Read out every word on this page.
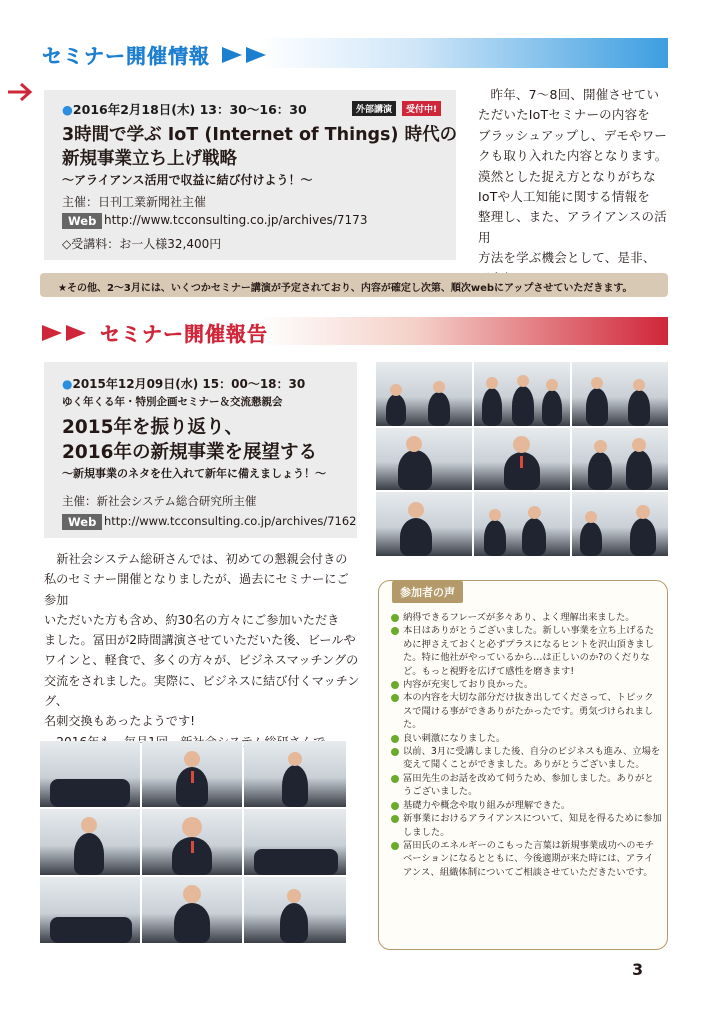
セミナー開催情報
●2016年2月18日(木) 13：30～16：30	外部講演	受付中!
3時間で学ぶ IoT (Internet of Things) 時代の
新規事業立ち上げ戦略
～アライアンス活用で収益に結び付けよう！～
主催：日刊工業新聞社主催
Web http://www.tcconsulting.co.jp/archives/7173
◇受講料：お一人様32,400円
昨年、7～8回、開催させてい
ただいたIoTセミナーの内容を
ブラッシュアップし、デモやワー
クも取り入れた内容となります。
漠然とした捉え方となりがちな
IoTや人工知能に関する情報を
整理し、また、アライアンスの活用
方法を学ぶ機会として、是非、
★その他、2～3月には、いくつかセミナー講演が予定されており、内容が確定し次第、順次webにアップさせていただきます。
セミナー開催報告
●2015年12月09日(水) 15：00～18：30
ゆく年くる年・特別企画セミナー＆交流懇親会
2015年を振り返り、
2016年の新規事業を展望する
～新規事業のネタを仕入れて新年に備えましょう！～
主催：新社会システム総合研究所主催
Web http://www.tcconsulting.co.jp/archives/7162
新社会システム総研さんでは、初めての懇親会付きの
私のセミナー開催となりましたが、過去にセミナーにご参加
いただいた方も含め、約30名の方々にご参加いただき
ました。冨田が2時間講演させていただいた後、ビールや
ワインと、軽食で、多くの方々が、ビジネスマッチングの
交流をされました。実際に、ビジネスに結び付くマッチング、
名刺交換もあったようです!
参加者の声
納得できるフレーズが多々あり、よく理解出来ました。
本日はありがとうございました。新しい事業を立ち上げるために押さえておくと必ずプラスになるヒントを沢山頂きました。特に他社がやっているから…は正しいのか?のくだりなど。もっと視野を広げて感性を磨きます!
内容が充実しており良かった。
本の内容を大切な部分だけ抜き出してくださって、トピックスで聞ける事ができありがたかったです。勇気づけられました。
良い刺激になりました。
以前、3月に受講しました後、自分のビジネスも進み、立場を変えて聞くことができました。ありがとうございました。
冨田先生のお話を改めて伺うため、参加しました。ありがとうございました。
基礎力や概念や取り組みが理解できた。
新事業におけるアライアンスについて、知見を得るために参加しました。
冨田氏のエネルギーのこもった言葉は新規事業成功へのモチベーションになるとともに、今後適期が来た時には、アライアンス、組織体制についてご相談させていただきたいです。
3
